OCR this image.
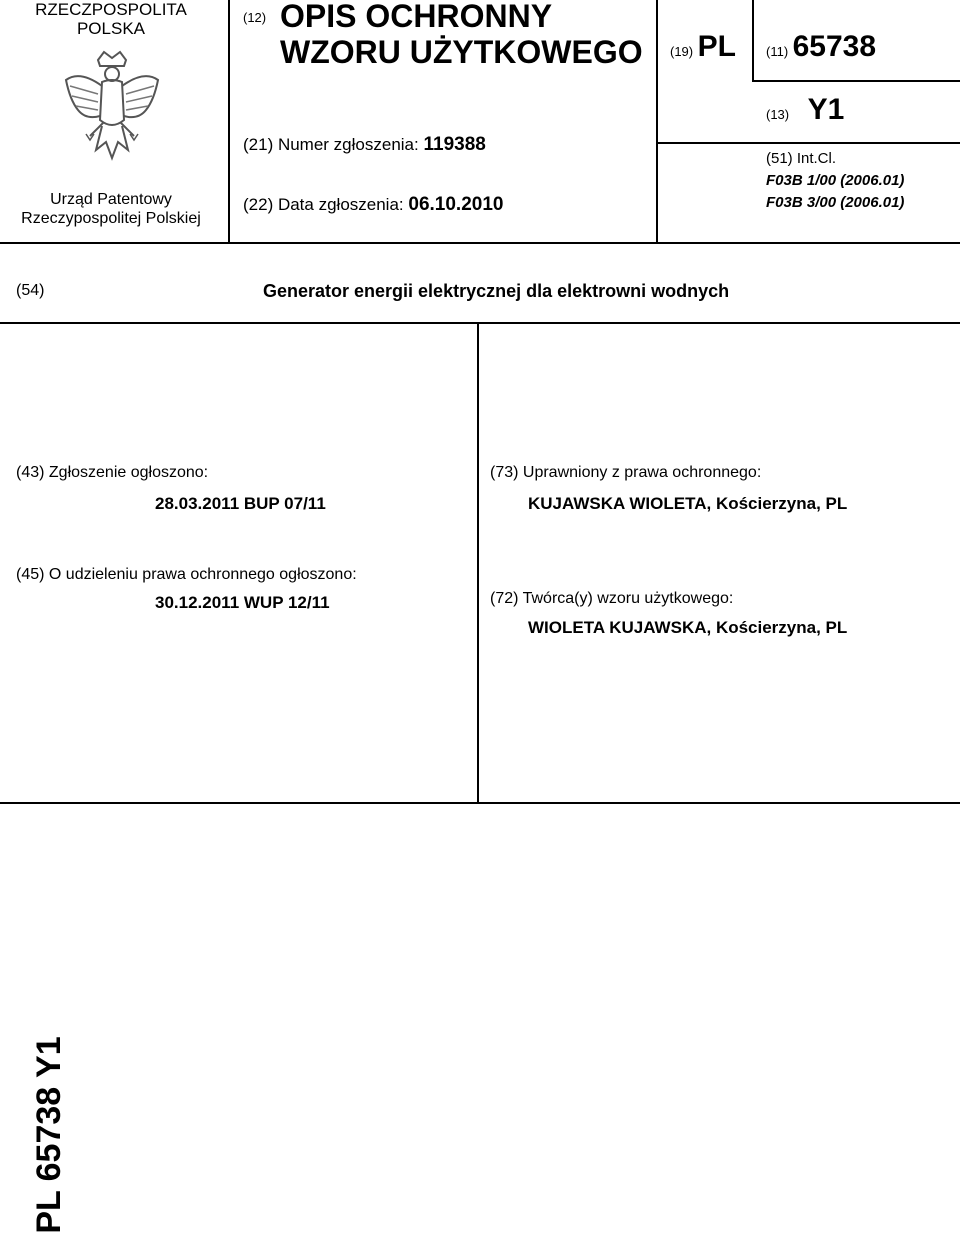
RZECZPOSPOLITA
POLSKA
Urząd Patentowy
Rzeczypospolitej Polskiej
(12) OPIS OCHRONNY
WZORU UŻYTKOWEGO
(21) Numer zgłoszenia: 119388
(22) Data zgłoszenia: 06.10.2010
(19) PL (11) 65738
(13) Y1
(51) Int.Cl.
F03B 1/00 (2006.01)
F03B 3/00 (2006.01)
(54)	Generator energii elektrycznej dla elektrowni wodnych
(43) Zgłoszenie ogłoszono:
28.03.2011 BUP 07/11
(45) O udzieleniu prawa ochronnego ogłoszono:
30.12.2011 WUP 12/11
(73) Uprawniony z prawa ochronnego:
KUJAWSKA WIOLETA, Kościerzyna, PL
(72) Twórca(y) wzoru użytkowego:
WIOLETA KUJAWSKA, Kościerzyna, PL
PL 65738 Y1
